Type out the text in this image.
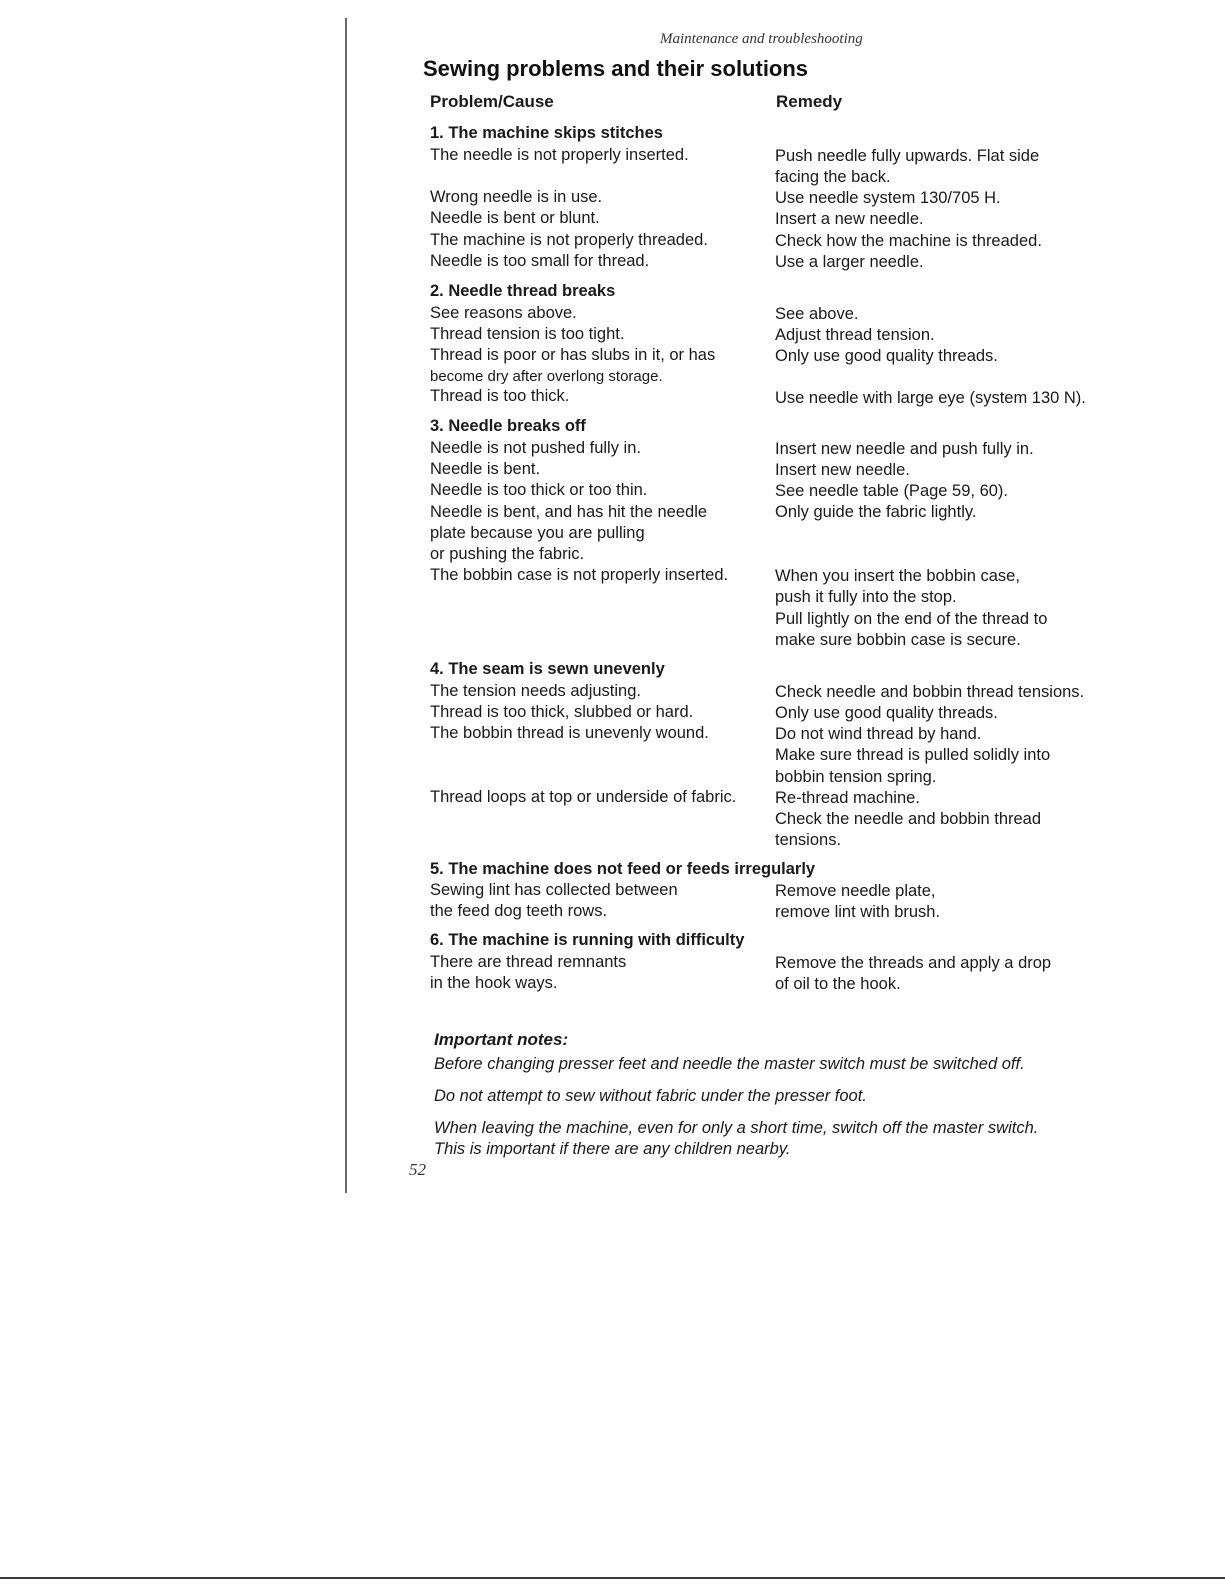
Maintenance and troubleshooting
Sewing problems and their solutions
Problem/Cause	Remedy
1. The machine skips stitches
The needle is not properly inserted.
Wrong needle is in use.
Needle is bent or blunt.
The machine is not properly threaded.
Needle is too small for thread.
Push needle fully upwards. Flat side
facing the back.
Use needle system 130/705 H.
Insert a new needle.
Check how the machine is threaded.
Use a larger needle.
2. Needle thread breaks
See reasons above.
Thread tension is too tight.
Thread is poor or has slubs in it, or has
become dry after overlong storage.
Thread is too thick.
See above.
Adjust thread tension.
Only use good quality threads.
Use needle with large eye (system 130 N).
3. Needle breaks off
Needle is not pushed fully in.
Needle is bent.
Needle is too thick or too thin.
Needle is bent, and has hit the needle
plate because you are pulling
or pushing the fabric.
The bobbin case is not properly inserted.
Insert new needle and push fully in.
Insert new needle.
See needle table (Page 59, 60).
Only guide the fabric lightly.
When you insert the bobbin case,
push it fully into the stop.
Pull lightly on the end of the thread to
make sure bobbin case is secure.
4. The seam is sewn unevenly
The tension needs adjusting.
Thread is too thick, slubbed or hard.
The bobbin thread is unevenly wound.
Thread loops at top or underside of fabric.
Check needle and bobbin thread tensions.
Only use good quality threads.
Do not wind thread by hand.
Make sure thread is pulled solidly into
bobbin tension spring.
Re-thread machine.
Check the needle and bobbin thread
tensions.
5. The machine does not feed or feeds irregularly
Sewing lint has collected between
the feed dog teeth rows.
Remove needle plate,
remove lint with brush.
6. The machine is running with difficulty
There are thread remnants
in the hook ways.
Remove the threads and apply a drop
of oil to the hook.
Important notes:
Before changing presser feet and needle the master switch must be switched off.
Do not attempt to sew without fabric under the presser foot.
When leaving the machine, even for only a short time, switch off the master switch.
This is important if there are any children nearby.
52
